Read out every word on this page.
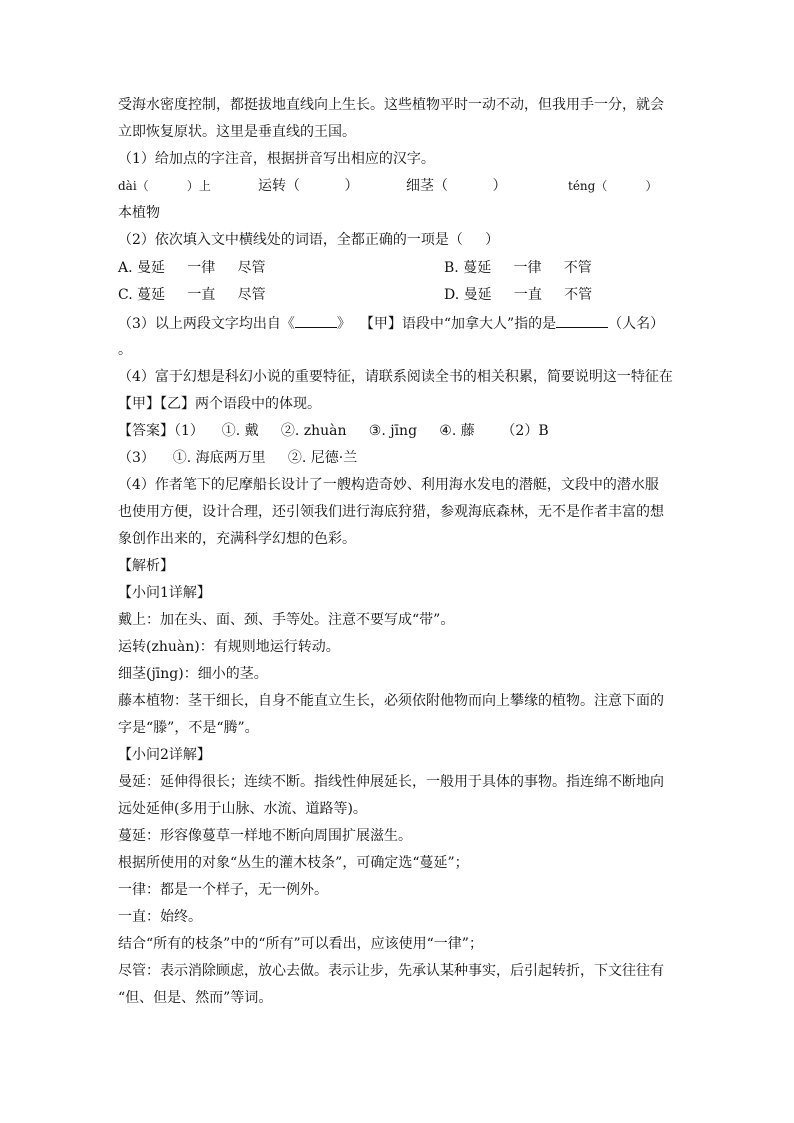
受海水密度控制，都挺拔地直线向上生长。这些植物平时一动不动，但我用手一分，就会
立即恢复原状。这里是垂直线的王国。
（1）给加点的字注音，根据拼音写出相应的汉字。
dài（          ）上	运转（          ）	细茎（          ）	téng（          ）
本植物
（2）依次填入文中横线处的词语，全都正确的一项是（     ）
A. 曼延     一律     尽管	B. 蔓延     一律     不管
C. 蔓延     一直     尽管	D. 曼延     一直     不管
（3）以上两段文字均出自《	》  【甲】语段中“加拿大人”指的是	（人名）
。
（4）富于幻想是科幻小说的重要特征，请联系阅读全书的相关积累，简要说明这一特征在
【甲】【乙】两个语段中的体现。
【答案】（1）    ①. 戴     ②. zhuàn     ③. jīng     ④. 藤      （2）B
（3）    ①. 海底两万里     ②. 尼德·兰
（4）作者笔下的尼摩船长设计了一艘构造奇妙、利用海水发电的潜艇，文段中的潜水服
也使用方便，设计合理，还引领我们进行海底狩猎，参观海底森林，无不是作者丰富的想
象创作出来的，充满科学幻想的色彩。
【解析】
【小问1详解】
戴上：加在头、面、颈、手等处。注意不要写成“带”。
运转(zhuàn)：有规则地运行转动。
细茎(jīng)：细小的茎。
藤本植物：茎干细长，自身不能直立生长，必须依附他物而向上攀缘的植物。注意下面的
字是“滕”，不是“腾”。
【小问2详解】
曼延：延伸得很长；连续不断。指线性伸展延长，一般用于具体的事物。指连绵不断地向
远处延伸(多用于山脉、水流、道路等)。
蔓延：形容像蔓草一样地不断向周围扩展滋生。
根据所使用的对象“丛生的灌木枝条”，可确定选“蔓延”；
一律：都是一个样子，无一例外。
一直：始终。
结合“所有的枝条”中的“所有”可以看出，应该使用“一律”；
尽管：表示消除顾虑，放心去做。表示让步，先承认某种事实，后引起转折，下文往往有
“但、但是、然而”等词。
